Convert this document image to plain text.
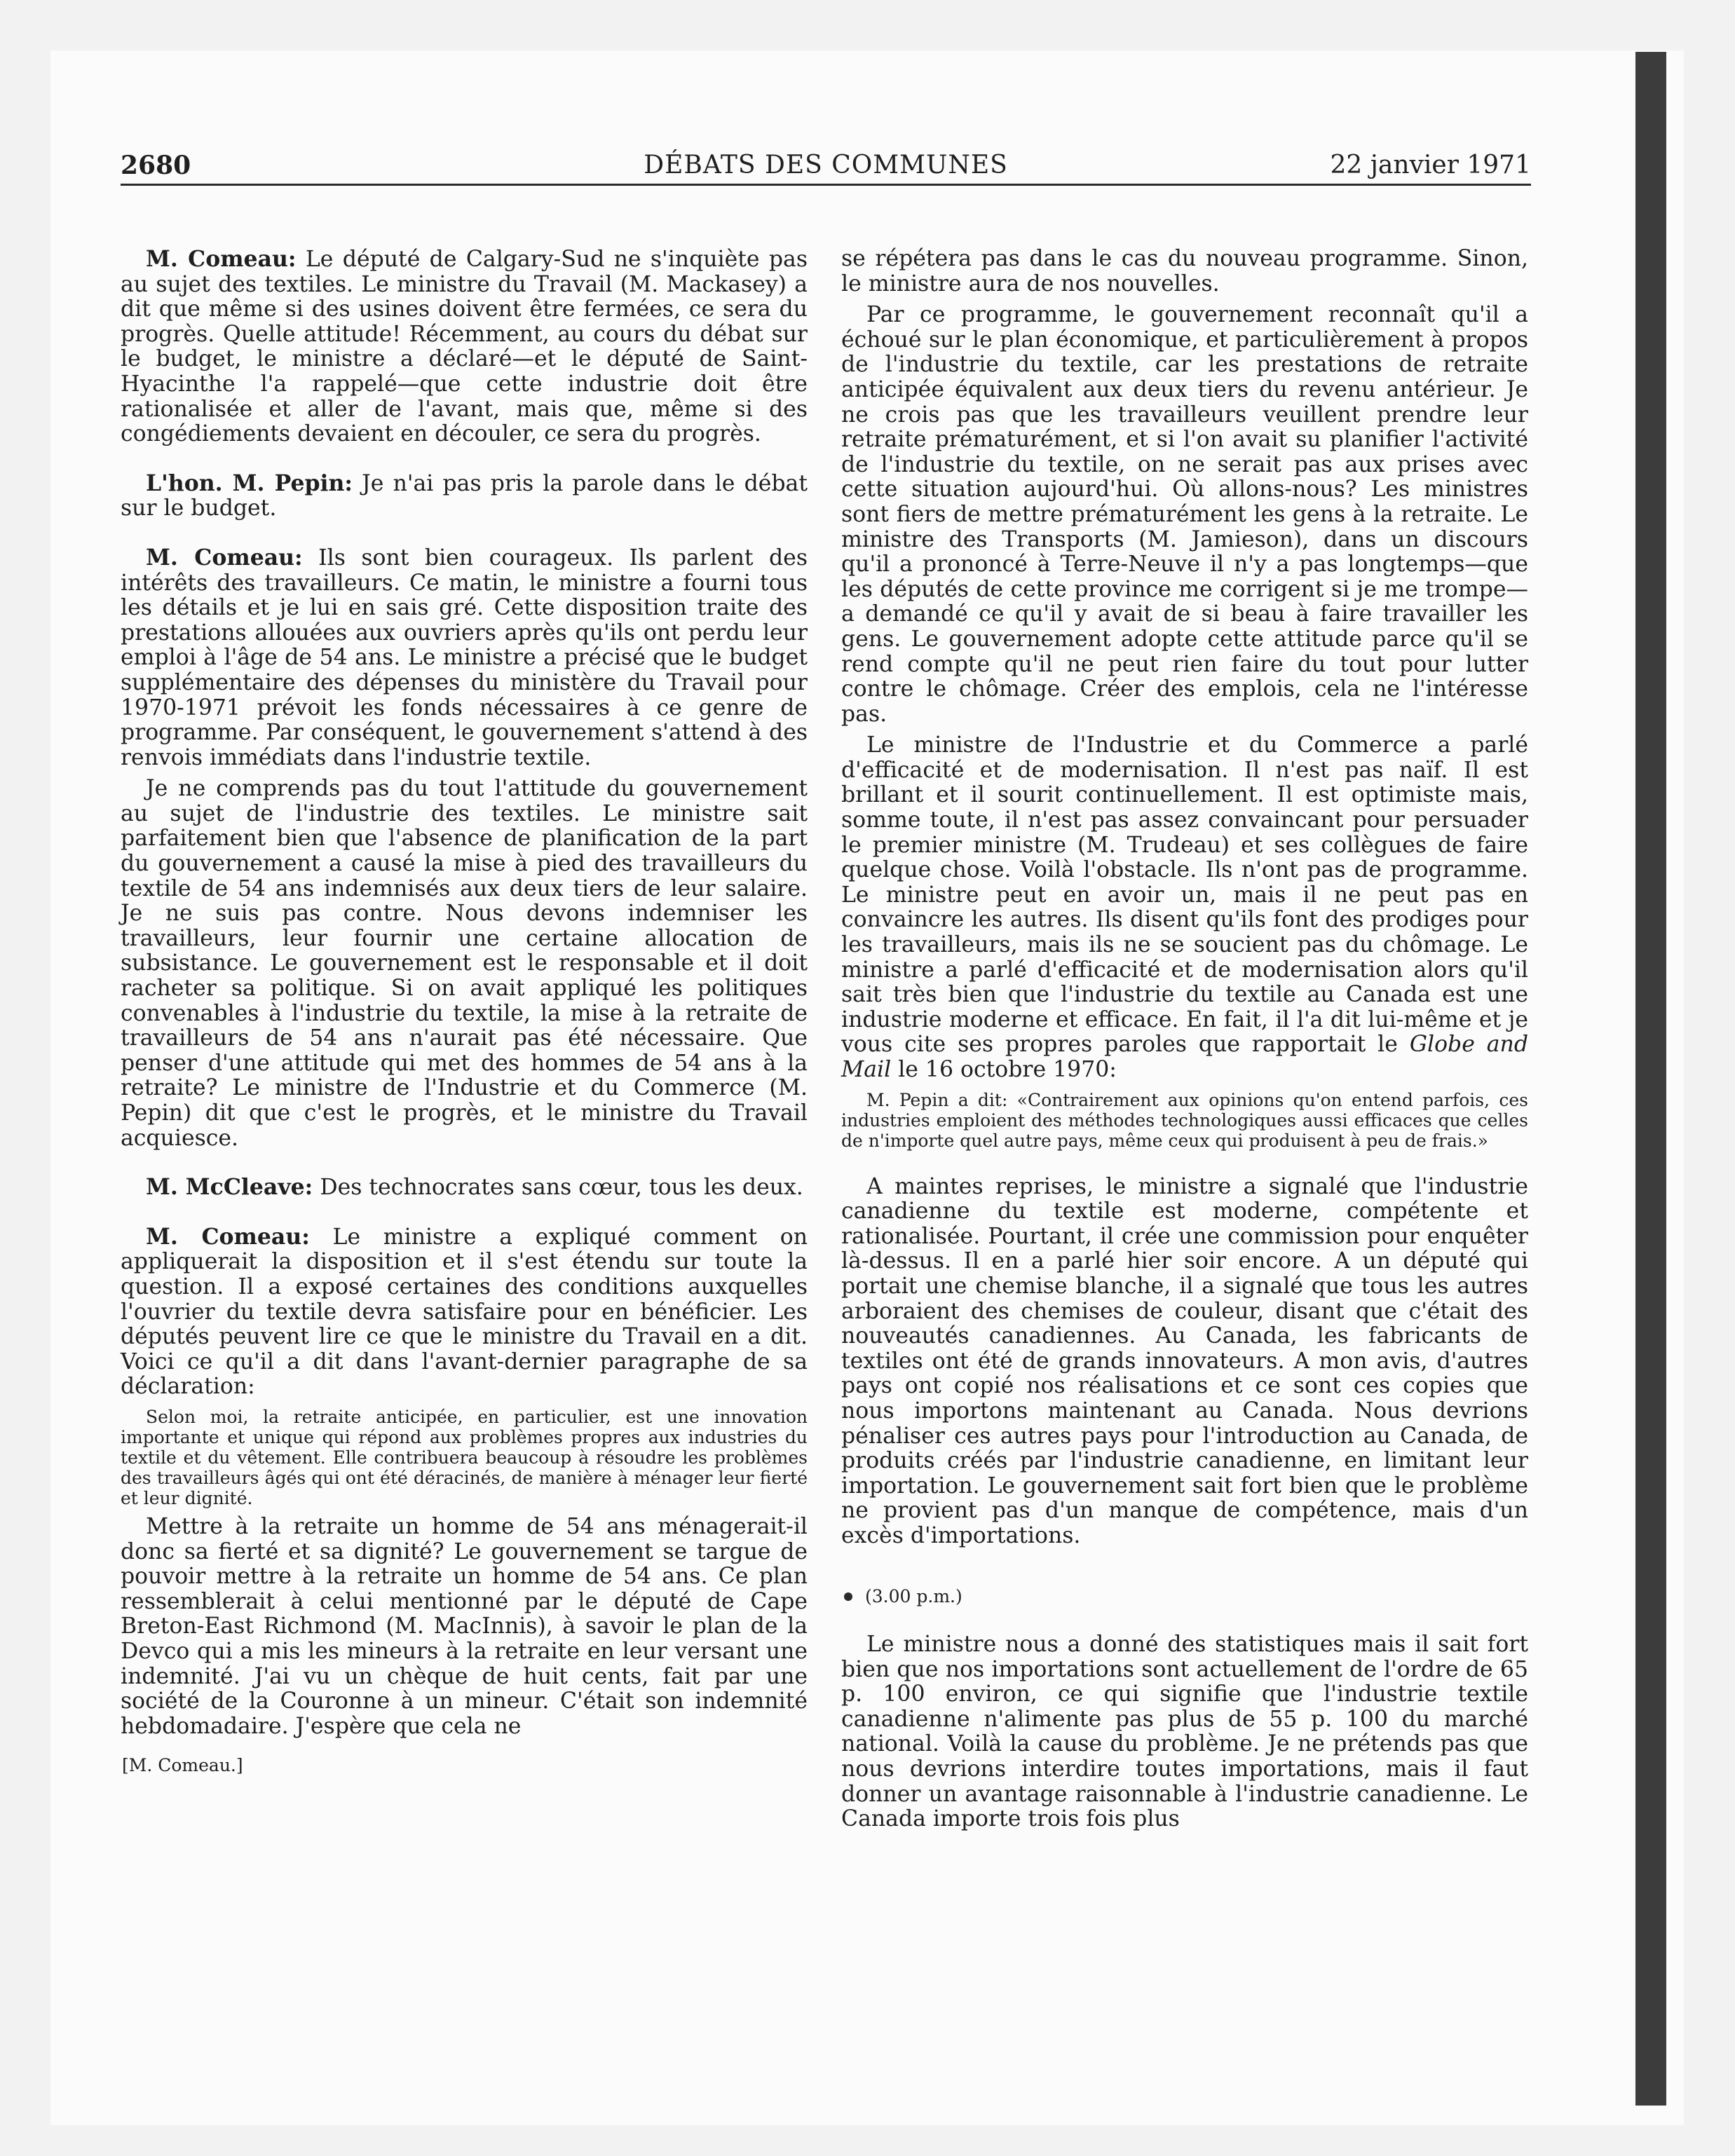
2680	DÉBATS DES COMMUNES	22 janvier 1971

M. Comeau: Le député de Calgary-Sud ne s'inquiète pas au sujet des textiles. Le ministre du Travail (M. Mackasey) a dit que même si des usines doivent être fermées, ce sera du progrès. Quelle attitude! Récemment, au cours du débat sur le budget, le ministre a déclaré—et le député de Saint-Hyacinthe l'a rappelé—que cette industrie doit être rationalisée et aller de l'avant, mais que, même si des congédiements devaient en découler, ce sera du progrès.

L'hon. M. Pepin: Je n'ai pas pris la parole dans le débat sur le budget.

M. Comeau: Ils sont bien courageux. Ils parlent des intérêts des travailleurs. Ce matin, le ministre a fourni tous les détails et je lui en sais gré. Cette disposition traite des prestations allouées aux ouvriers après qu'ils ont perdu leur emploi à l'âge de 54 ans. Le ministre a précisé que le budget supplémentaire des dépenses du ministère du Travail pour 1970-1971 prévoit les fonds nécessaires à ce genre de programme. Par conséquent, le gouvernement s'attend à des renvois immédiats dans l'industrie textile.

Je ne comprends pas du tout l'attitude du gouvernement au sujet de l'industrie des textiles. Le ministre sait parfaitement bien que l'absence de planification de la part du gouvernement a causé la mise à pied des travailleurs du textile de 54 ans indemnisés aux deux tiers de leur salaire. Je ne suis pas contre. Nous devons indemniser les travailleurs, leur fournir une certaine allocation de subsistance. Le gouvernement est le responsable et il doit racheter sa politique. Si on avait appliqué les politiques convenables à l'industrie du textile, la mise à la retraite de travailleurs de 54 ans n'aurait pas été nécessaire. Que penser d'une attitude qui met des hommes de 54 ans à la retraite? Le ministre de l'Industrie et du Commerce (M. Pepin) dit que c'est le progrès, et le ministre du Travail acquiesce.

M. McCleave: Des technocrates sans cœur, tous les deux.

M. Comeau: Le ministre a expliqué comment on appliquerait la disposition et il s'est étendu sur toute la question. Il a exposé certaines des conditions auxquelles l'ouvrier du textile devra satisfaire pour en bénéficier. Les députés peuvent lire ce que le ministre du Travail en a dit. Voici ce qu'il a dit dans l'avant-dernier paragraphe de sa déclaration:

Selon moi, la retraite anticipée, en particulier, est une innovation importante et unique qui répond aux problèmes propres aux industries du textile et du vêtement. Elle contribuera beaucoup à résoudre les problèmes des travailleurs âgés qui ont été déracinés, de manière à ménager leur fierté et leur dignité.

Mettre à la retraite un homme de 54 ans ménagerait-il donc sa fierté et sa dignité? Le gouvernement se targue de pouvoir mettre à la retraite un homme de 54 ans. Ce plan ressemblerait à celui mentionné par le député de Cape Breton-East Richmond (M. MacInnis), à savoir le plan de la Devco qui a mis les mineurs à la retraite en leur versant une indemnité. J'ai vu un chèque de huit cents, fait par une société de la Couronne à un mineur. C'était son indemnité hebdomadaire. J'espère que cela ne

[M. Comeau.]

se répétera pas dans le cas du nouveau programme. Sinon, le ministre aura de nos nouvelles.

Par ce programme, le gouvernement reconnaît qu'il a échoué sur le plan économique, et particulièrement à propos de l'industrie du textile, car les prestations de retraite anticipée équivalent aux deux tiers du revenu antérieur. Je ne crois pas que les travailleurs veuillent prendre leur retraite prématurément, et si l'on avait su planifier l'activité de l'industrie du textile, on ne serait pas aux prises avec cette situation aujourd'hui. Où allons-nous? Les ministres sont fiers de mettre prématurément les gens à la retraite. Le ministre des Transports (M. Jamieson), dans un discours qu'il a prononcé à Terre-Neuve il n'y a pas longtemps—que les députés de cette province me corrigent si je me trompe—a demandé ce qu'il y avait de si beau à faire travailler les gens. Le gouvernement adopte cette attitude parce qu'il se rend compte qu'il ne peut rien faire du tout pour lutter contre le chômage. Créer des emplois, cela ne l'intéresse pas.

Le ministre de l'Industrie et du Commerce a parlé d'efficacité et de modernisation. Il n'est pas naïf. Il est brillant et il sourit continuellement. Il est optimiste mais, somme toute, il n'est pas assez convaincant pour persuader le premier ministre (M. Trudeau) et ses collègues de faire quelque chose. Voilà l'obstacle. Ils n'ont pas de programme. Le ministre peut en avoir un, mais il ne peut pas en convaincre les autres. Ils disent qu'ils font des prodiges pour les travailleurs, mais ils ne se soucient pas du chômage. Le ministre a parlé d'efficacité et de modernisation alors qu'il sait très bien que l'industrie du textile au Canada est une industrie moderne et efficace. En fait, il l'a dit lui-même et je vous cite ses propres paroles que rapportait le Globe and Mail le 16 octobre 1970:

M. Pepin a dit: «Contrairement aux opinions qu'on entend parfois, ces industries emploient des méthodes technologiques aussi efficaces que celles de n'importe quel autre pays, même ceux qui produisent à peu de frais.»

A maintes reprises, le ministre a signalé que l'industrie canadienne du textile est moderne, compétente et rationalisée. Pourtant, il crée une commission pour enquêter là-dessus. Il en a parlé hier soir encore. A un député qui portait une chemise blanche, il a signalé que tous les autres arboraient des chemises de couleur, disant que c'était des nouveautés canadiennes. Au Canada, les fabricants de textiles ont été de grands innovateurs. A mon avis, d'autres pays ont copié nos réalisations et ce sont ces copies que nous importons maintenant au Canada. Nous devrions pénaliser ces autres pays pour l'introduction au Canada, de produits créés par l'industrie canadienne, en limitant leur importation. Le gouvernement sait fort bien que le problème ne provient pas d'un manque de compétence, mais d'un excès d'importations.

(3.00 p.m.)

Le ministre nous a donné des statistiques mais il sait fort bien que nos importations sont actuellement de l'ordre de 65 p. 100 environ, ce qui signifie que l'industrie textile canadienne n'alimente pas plus de 55 p. 100 du marché national. Voilà la cause du problème. Je ne prétends pas que nous devrions interdire toutes importations, mais il faut donner un avantage raisonnable à l'industrie canadienne. Le Canada importe trois fois plus
